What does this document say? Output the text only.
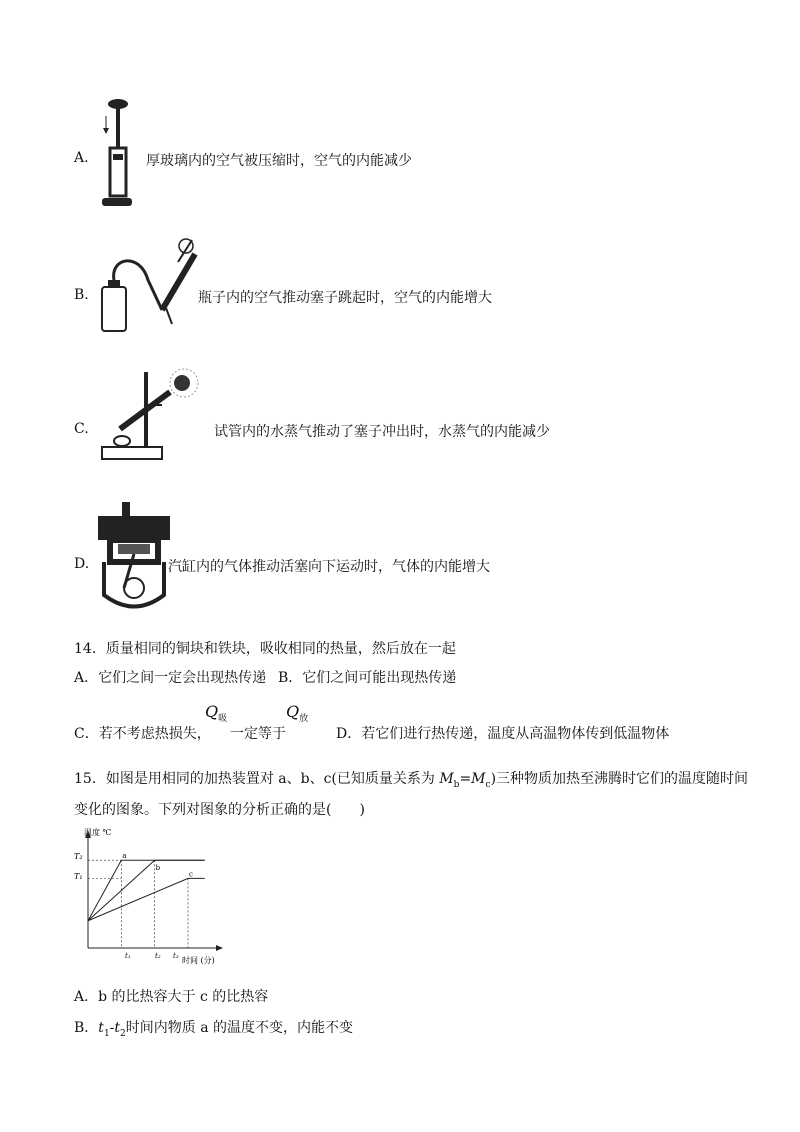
A.	厚玻璃内的空气被压缩时，空气的内能减少
B.	瓶子内的空气推动塞子跳起时，空气的内能增大
C.	试管内的水蒸气推动了塞子冲出时，水蒸气的内能减少
D.	汽缸内的气体推动活塞向下运动时，气体的内能增大
14．质量相同的铜块和铁块，吸收相同的热量，然后放在一起
A．它们之间一定会出现热传递 B．它们之间可能出现热传递
C．若不考虑热损失，
$Q_吸$
一定等于
$Q_放$
D．若它们进行热传递，温度从高温物体传到低温物体
15．如图是用相同的加热装置对 a、b、c(已知质量关系为 $M_b=M_c$)三种物质加热至沸腾时它们的温度随时间
变化的图象。下列对图象的分析正确的是(　　)
温度 ℃
时间 (分)
T₂
T₁
t₁	t₂ t₃
a
b
c
A．b 的比热容大于 c 的比热容
B．$t_1-t_2$时间内物质 a 的温度不变，内能不变
